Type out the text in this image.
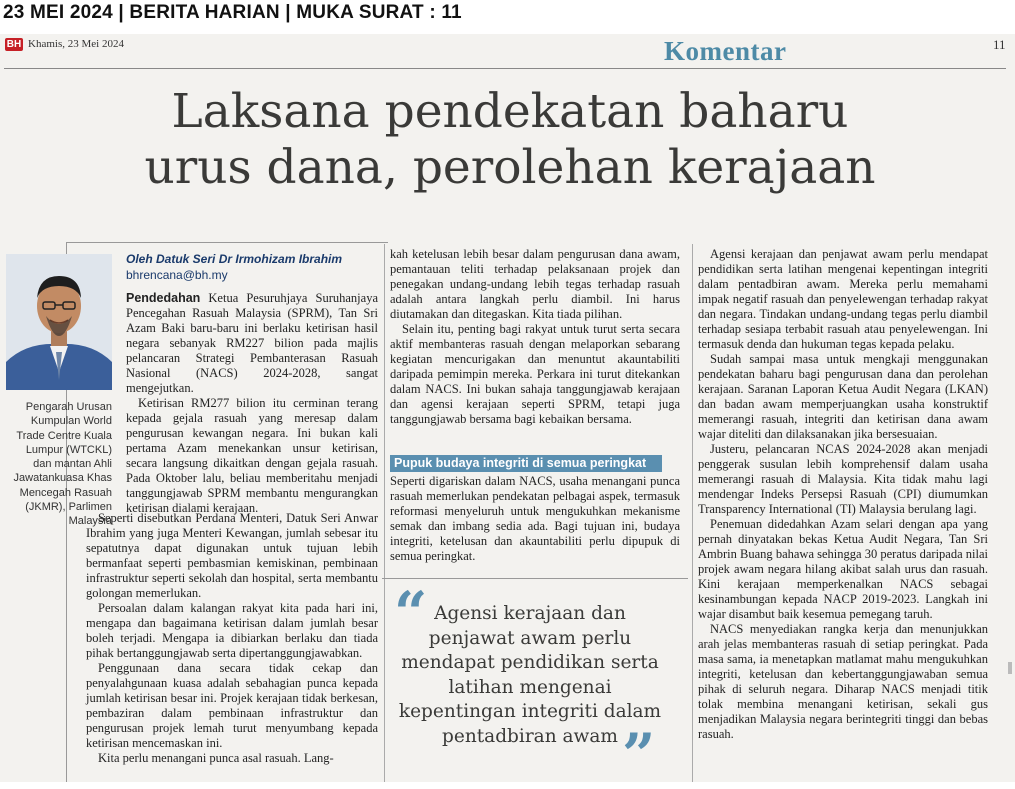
23 MEI 2024 | BERITA HARIAN | MUKA SURAT : 11
BH Khamis, 23 Mei 2024	Komentar	11
Laksana pendekatan baharu
urus dana, perolehan kerajaan
Pengarah Urusan Kumpulan World Trade Centre Kuala Lumpur (WTCKL) dan mantan Ahli Jawatankuasa Khas Mencegah Rasuah (JKMR), Parlimen Malaysia
Oleh Datuk Seri Dr Irmohizam Ibrahim
bhrencana@bh.my

Pendedahan Ketua Pesuruhjaya Suruhanjaya Pencegahan Rasuah Malaysia (SPRM), Tan Sri Azam Baki baru-baru ini berlaku ketirisan hasil negara sebanyak RM227 bilion pada majlis pelancaran Strategi Pembanterasan Rasuah Nasional (NACS) 2024-2028, sangat mengejutkan.

Ketirisan RM277 bilion itu cerminan terang kepada gejala rasuah yang meresap dalam pengurusan kewangan negara. Ini bukan kali pertama Azam menekankan unsur ketirisan, secara langsung dikaitkan dengan gejala rasuah. Pada Oktober lalu, beliau memberitahu menjadi tanggungjawab SPRM membantu mengurangkan ketirisan dialami kerajaan.

Seperti disebutkan Perdana Menteri, Datuk Seri Anwar Ibrahim yang juga Menteri Kewangan, jumlah sebesar itu sepatutnya dapat digunakan untuk tujuan lebih bermanfaat seperti pembasmian kemiskinan, pembinaan infrastruktur seperti sekolah dan hospital, serta membantu golongan memerlukan.

Persoalan dalam kalangan rakyat kita pada hari ini, mengapa dan bagaimana ketirisan dalam jumlah besar boleh terjadi. Mengapa ia dibiarkan berlaku dan tiada pihak bertanggungjawab serta dipertanggungjawabkan.

Penggunaan dana secara tidak cekap dan penyalahgunaan kuasa adalah sebahagian punca kepada jumlah ketirisan besar ini. Projek kerajaan tidak berkesan, pembaziran dalam pembinaan infrastruktur dan pengurusan projek lemah turut menyumbang kepada ketirisan mencemaskan ini.

Kita perlu menangani punca asal rasuah. Lang-

kah ketelusan lebih besar dalam pengurusan dana awam, pemantauan teliti terhadap pelaksanaan projek dan penegakan undang-undang lebih tegas terhadap rasuah adalah antara langkah perlu diambil. Ini harus diutamakan dan ditegaskan. Kita tiada pilihan.

Selain itu, penting bagi rakyat untuk turut serta secara aktif membanteras rasuah dengan melaporkan sebarang kegiatan mencurigakan dan menuntut akauntabiliti daripada pemimpin mereka. Perkara ini turut ditekankan dalam NACS. Ini bukan sahaja tanggungjawab kerajaan dan agensi kerajaan seperti SPRM, tetapi juga tanggungjawab bersama bagi kebaikan bersama.

Pupuk budaya integriti di semua peringkat

Seperti digariskan dalam NACS, usaha menangani punca rasuah memerlukan pendekatan pelbagai aspek, termasuk reformasi menyeluruh untuk mengukuhkan mekanisme semak dan imbang sedia ada. Bagi tujuan ini, budaya integriti, ketelusan dan akauntabiliti perlu dipupuk di semua peringkat.

“ Agensi kerajaan dan penjawat awam perlu mendapat pendidikan serta latihan mengenai kepentingan integriti dalam pentadbiran awam ”

Agensi kerajaan dan penjawat awam perlu mendapat pendidikan serta latihan mengenai kepentingan integriti dalam pentadbiran awam. Mereka perlu memahami impak negatif rasuah dan penyelewengan terhadap rakyat dan negara. Tindakan undang-undang tegas perlu diambil terhadap sesiapa terbabit rasuah atau penyelewengan. Ini termasuk denda dan hukuman tegas kepada pelaku.

Sudah sampai masa untuk mengkaji menggunakan pendekatan baharu bagi pengurusan dana dan perolehan kerajaan. Saranan Laporan Ketua Audit Negara (LKAN) dan badan awam memperjuangkan usaha konstruktif memerangi rasuah, integriti dan ketirisan dana awam wajar diteliti dan dilaksanakan jika bersesuaian.

Justeru, pelancaran NCAS 2024-2028 akan menjadi penggerak susulan lebih komprehensif dalam usaha memerangi rasuah di Malaysia. Kita tidak mahu lagi mendengar Indeks Persepsi Rasuah (CPI) diumumkan Transparency International (TI) Malaysia berulang lagi.

Penemuan didedahkan Azam selari dengan apa yang pernah dinyatakan bekas Ketua Audit Negara, Tan Sri Ambrin Buang bahawa sehingga 30 peratus daripada nilai projek awam negara hilang akibat salah urus dan rasuah. Kini kerajaan memperkenalkan NACS sebagai kesinambungan kepada NACP 2019-2023. Langkah ini wajar disambut baik kesemua pemegang taruh.

NACS menyediakan rangka kerja dan menunjukkan arah jelas membanteras rasuah di setiap peringkat. Pada masa sama, ia menetapkan matlamat mahu mengukuhkan integriti, ketelusan dan kebertanggungjawaban semua pihak di seluruh negara. Diharap NACS menjadi titik tolak membina menangani ketirisan, sekali gus menjadikan Malaysia negara berintegriti tinggi dan bebas rasuah.
